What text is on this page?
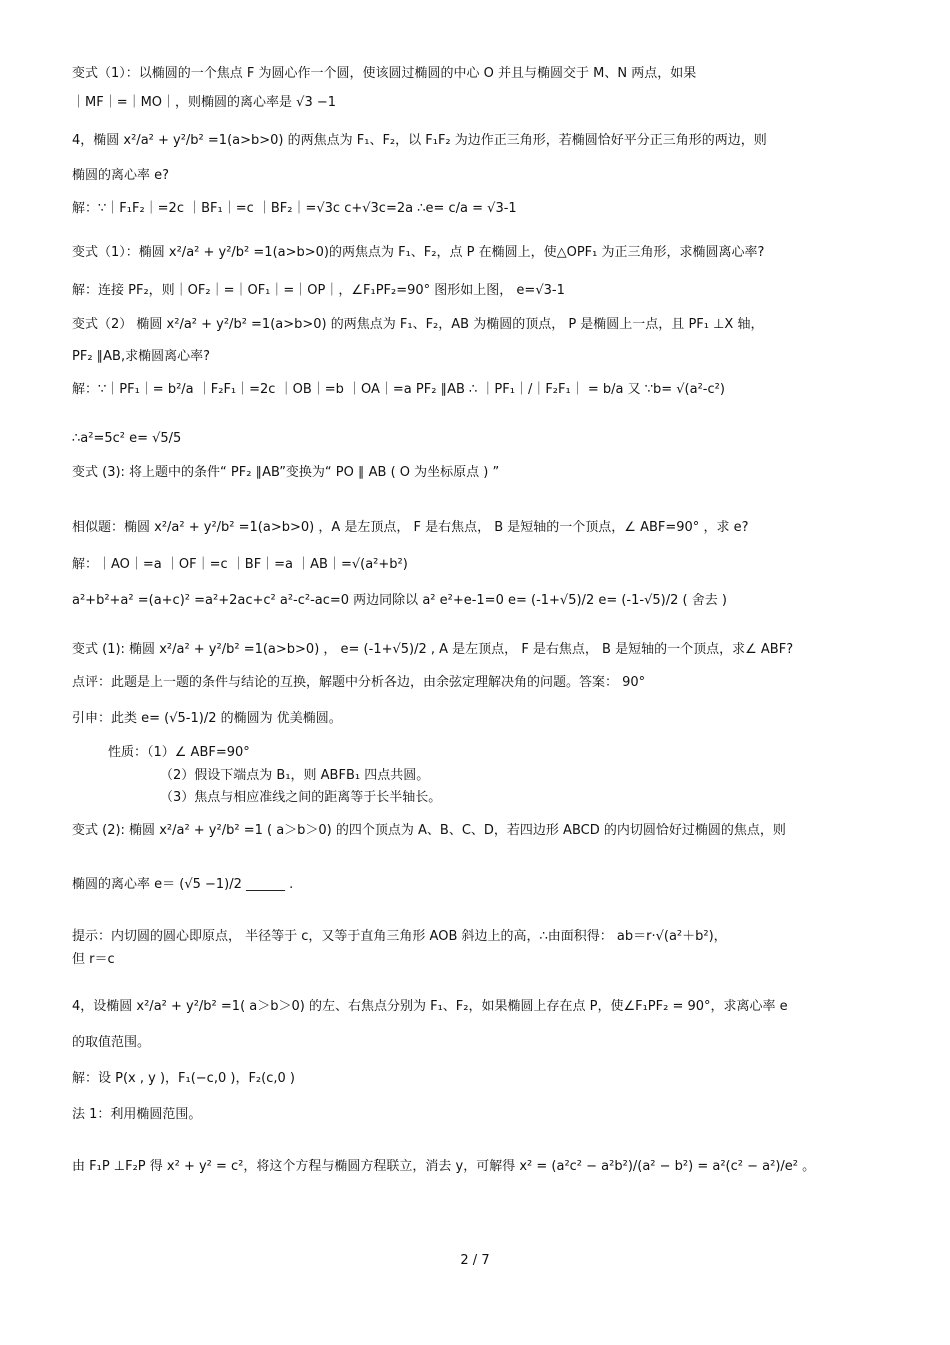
变式（1）：以椭圆的一个焦点 F 为圆心作一个圆，使该圆过椭圆的中心 O 并且与椭圆交于 M、N 两点，如果
｜MF｜=｜MO｜，则椭圆的离心率是 √3 −1
4，椭圆 x²/a² + y²/b² =1(a>b>0) 的两焦点为 F₁、F₂，以 F₁F₂ 为边作正三角形，若椭圆恰好平分正三角形的两边，则
椭圆的离心率 e?
解：∵｜F₁F₂｜=2c ｜BF₁｜=c ｜BF₂｜=√3c c+√3c=2a ∴e= c/a = √3-1
变式（1）：椭圆 x²/a² + y²/b² =1(a>b>0)的两焦点为 F₁、F₂，点 P 在椭圆上，使△OPF₁ 为正三角形，求椭圆离心率?
解：连接 PF₂，则｜OF₂｜=｜OF₁｜=｜OP｜，∠F₁PF₂=90° 图形如上图， e=√3-1
变式（2） 椭圆 x²/a² + y²/b² =1(a>b>0) 的两焦点为 F₁、F₂，AB 为椭圆的顶点， P 是椭圆上一点，且 PF₁ ⊥X 轴，
PF₂ ∥AB,求椭圆离心率?
解：∵｜PF₁｜= b²/a ｜F₂F₁｜=2c ｜OB｜=b ｜OA｜=a PF₂ ∥AB ∴ ｜PF₁｜/｜F₂F₁｜ = b/a 又 ∵b= √(a²-c²)
∴a²=5c² e= √5/5
变式 (3): 将上题中的条件“ PF₂ ∥AB”变换为“ PO ∥ AB ( O 为坐标原点 ) ”
相似题：椭圆 x²/a² + y²/b² =1(a>b>0) ，A 是左顶点， F 是右焦点， B 是短轴的一个顶点，∠ ABF=90° ，求 e?
解：｜AO｜=a ｜OF｜=c ｜BF｜=a ｜AB｜=√(a²+b²)
a²+b²+a² =(a+c)² =a²+2ac+c² a²-c²-ac=0 两边同除以 a² e²+e-1=0 e= (-1+√5)/2 e= (-1-√5)/2 ( 舍去 )
变式 (1): 椭圆 x²/a² + y²/b² =1(a>b>0) ， e= (-1+√5)/2 , A 是左顶点， F 是右焦点， B 是短轴的一个顶点，求∠ ABF?
点评：此题是上一题的条件与结论的互换，解题中分析各边，由余弦定理解决角的问题。答案： 90°
引申：此类 e= (√5-1)/2 的椭圆为 优美椭圆。
性质：（1）∠ ABF=90°
（2）假设下端点为 B₁，则 ABFB₁ 四点共圆。
（3）焦点与相应准线之间的距离等于长半轴长。
变式 (2): 椭圆 x²/a² + y²/b² =1 ( a＞b＞0) 的四个顶点为 A、B、C、D，若四边形 ABCD 的内切圆恰好过椭圆的焦点，则
椭圆的离心率 e＝ (√5 −1)/2 ______ .
提示：内切圆的圆心即原点， 半径等于 c，又等于直角三角形 AOB 斜边上的高，∴由面积得： ab＝r·√(a²＋b²)，
但 r＝c
4，设椭圆 x²/a² + y²/b² =1( a＞b＞0) 的左、右焦点分别为 F₁、F₂，如果椭圆上存在点 P，使∠F₁PF₂ = 90°，求离心率 e
的取值范围。
解：设 P(x , y )，F₁(−c,0 )，F₂(c,0 )
法 1：利用椭圆范围。
由 F₁P ⊥F₂P 得 x² + y² = c²，将这个方程与椭圆方程联立，消去 y，可解得 x² = (a²c² − a²b²)/(a² − b²) = a²(c² − a²)/e² 。
2 / 7
